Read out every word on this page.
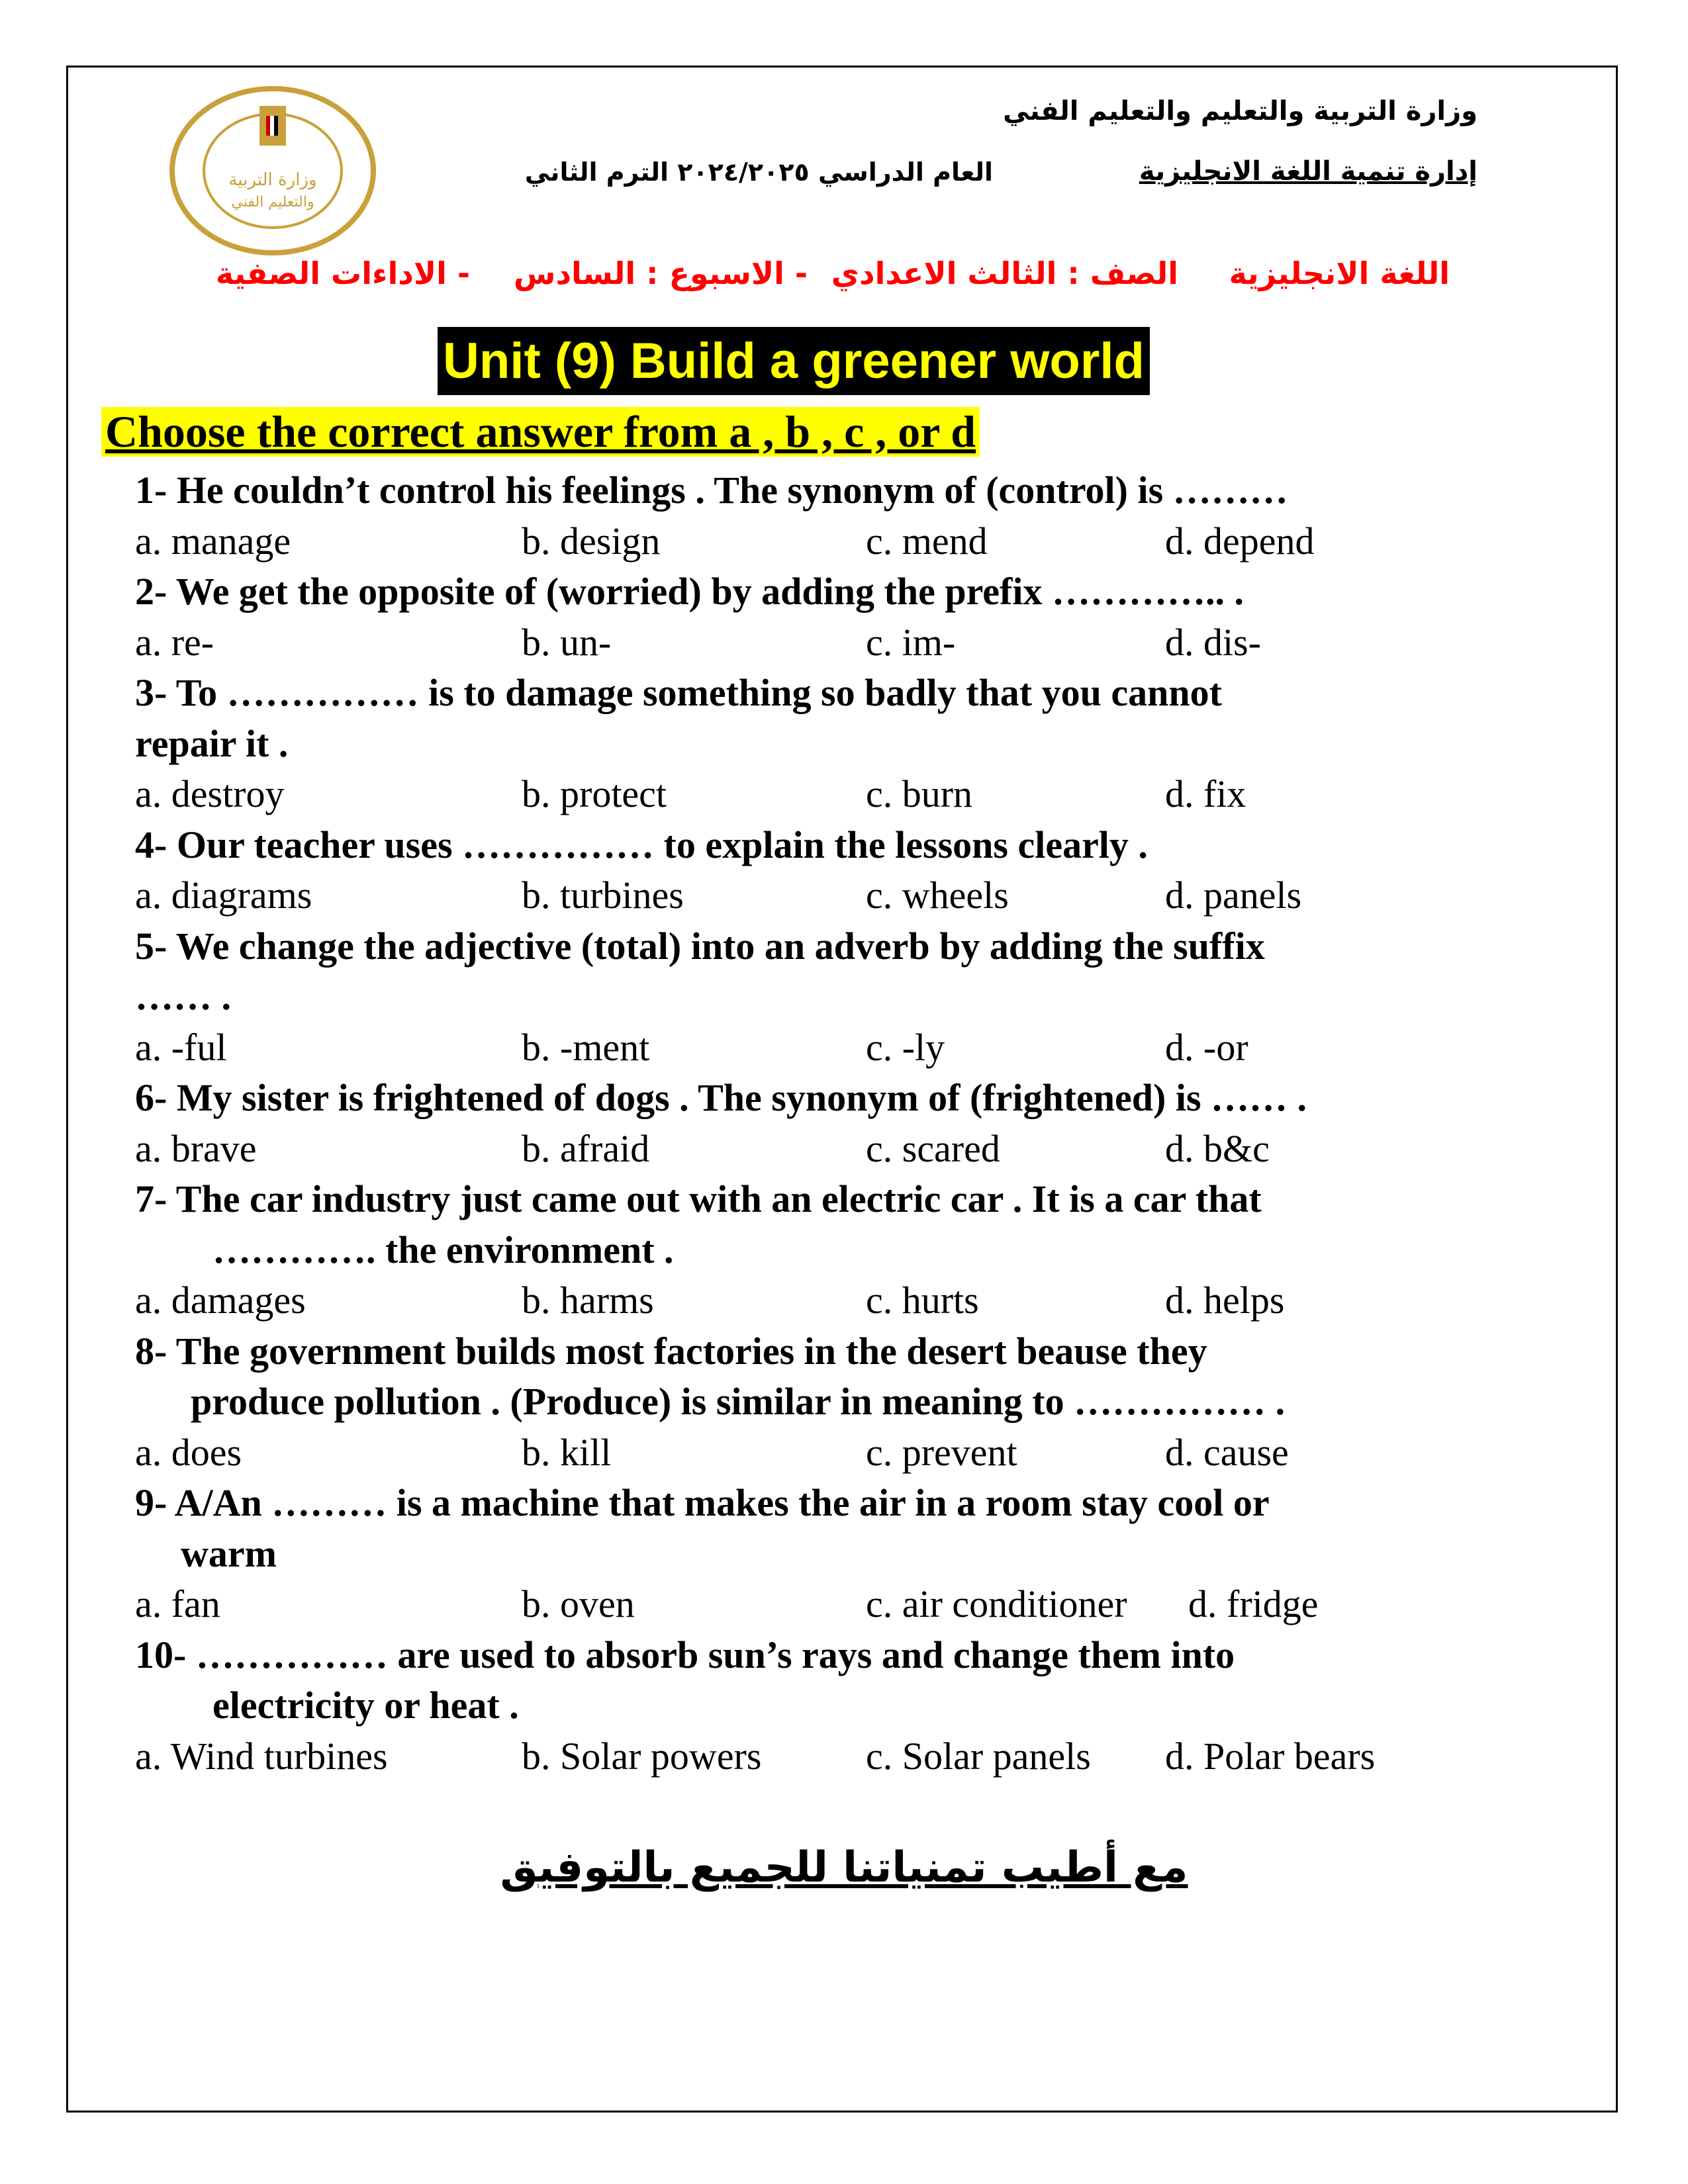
وزارة التربية والتعليم والتعليم الفني
إدارة تنمية اللغة الانجليزية
العام الدراسي ٢٠٢٤/٢٠٢٥ الترم الثاني
وزارة التربية
والتعليم الفني
اللغة الانجليزية
الصف : الثالث الاعدادي
- الاسبوع : السادس
- الاداءات الصفية
Unit (9) Build a greener world
Choose the correct answer from a , b , c , or d
1- He couldn’t control his feelings . The synonym of (control) is ………
a. manage	b. design	c. mend	d. depend
2- We get the opposite of (worried) by adding the prefix ………….. .
a. re-	b. un-	c. im-	d. dis-
3- To …………… is to damage something so badly that you cannot
repair it .
a. destroy	b. protect	c. burn	d. fix
4- Our teacher uses …………… to explain the lessons clearly .
a. diagrams	b. turbines	c. wheels	d. panels
5- We change the adjective (total) into an adverb by adding the suffix
…… .
a. -ful	b. -ment	c. -ly	d. -or
6- My sister is frightened of dogs . The synonym of (frightened) is …… .
a. brave	b. afraid	c. scared	d. b&c
7- The car industry just came out with an electric car . It is a car that
…………. the environment .
a. damages	b. harms	c. hurts	d. helps
8- The government builds most factories in the desert beause they
produce pollution . (Produce) is similar in meaning to …………… .
a. does	b. kill	c. prevent	d. cause
9- A/An ……… is a machine that makes the air in a room stay cool or
warm
a. fan	b. oven	c. air conditioner d. fridge
10- …………… are used to absorb sun’s rays and change them into
electricity or heat .
a. Wind turbines	b. Solar powers	c. Solar panels d. Polar bears
مع أطيب تمنياتنا للجميع بالتوفيق
